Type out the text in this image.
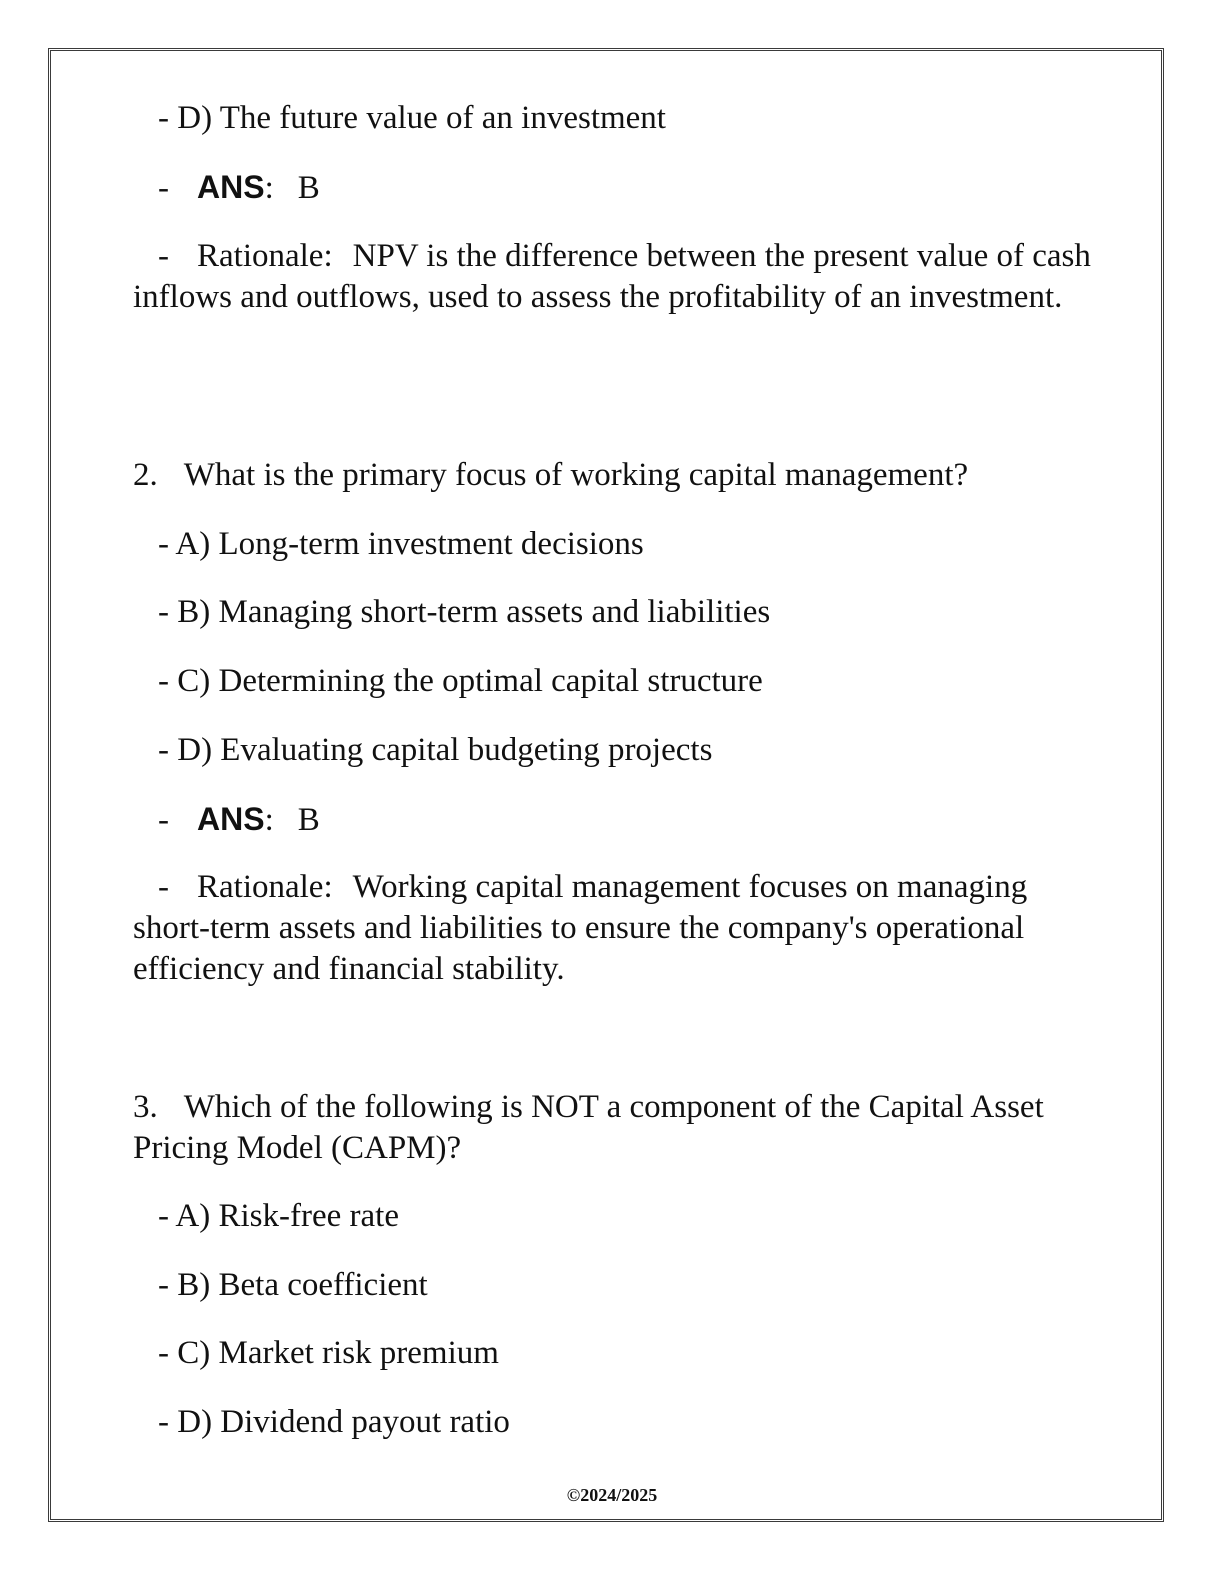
- D) The future value of an investment
- ANS: B
- Rationale: NPV is the difference between the present value of cash inflows and outflows, used to assess the profitability of an investment.
2. What is the primary focus of working capital management?
- A) Long-term investment decisions
- B) Managing short-term assets and liabilities
- C) Determining the optimal capital structure
- D) Evaluating capital budgeting projects
- ANS: B
- Rationale: Working capital management focuses on managing short-term assets and liabilities to ensure the company's operational efficiency and financial stability.
3. Which of the following is NOT a component of the Capital Asset Pricing Model (CAPM)?
- A) Risk-free rate
- B) Beta coefficient
- C) Market risk premium
- D) Dividend payout ratio
©2024/2025
